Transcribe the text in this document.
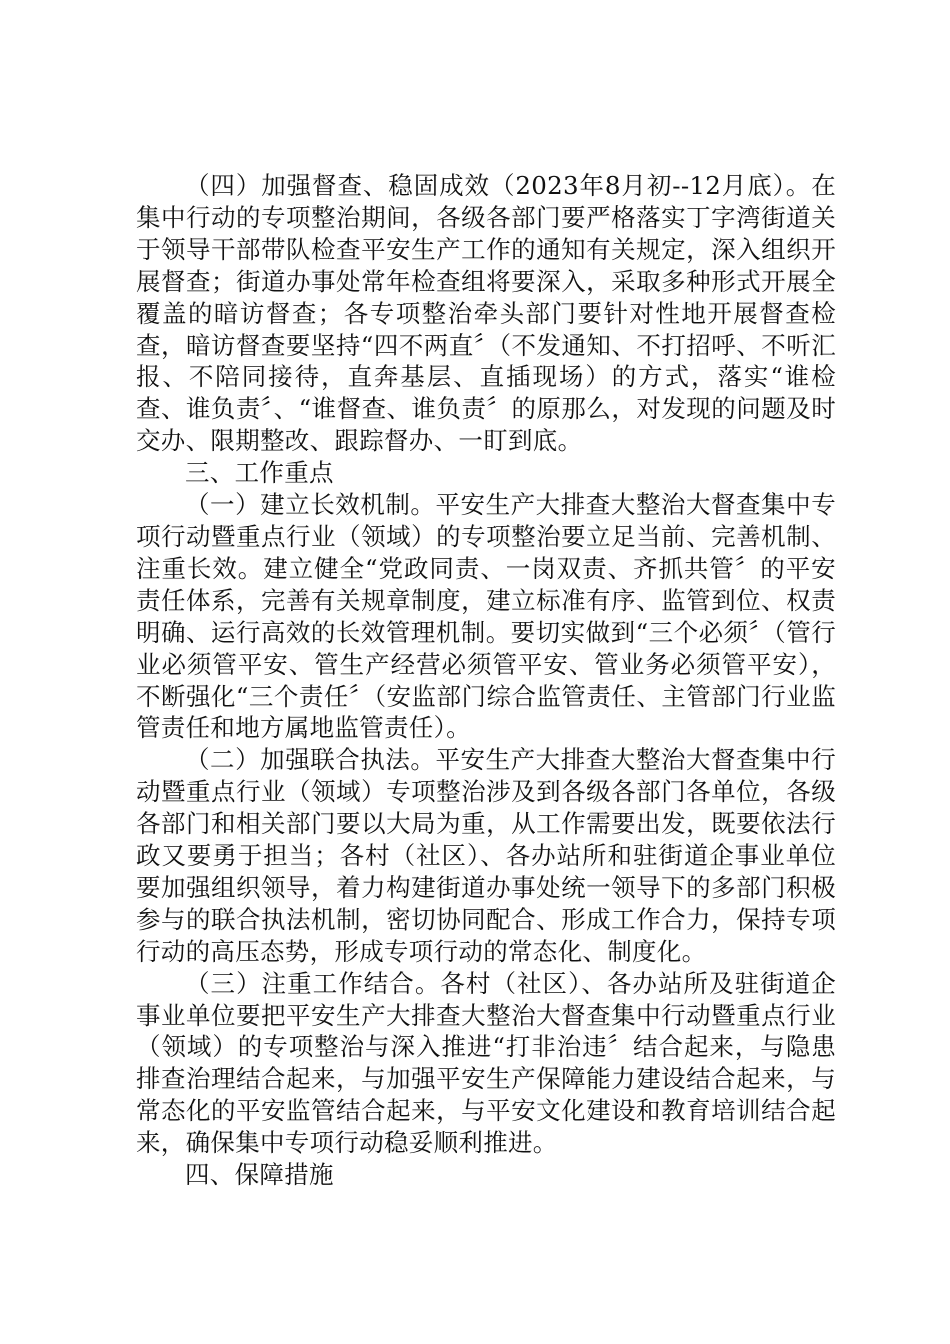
（四）加强督查、稳固成效（2023年8月初--12月底）。在集中行动的专项整治期间，各级各部门要严格落实丁字湾街道关于领导干部带队检查平安生产工作的通知有关规定，深入组织开展督查；街道办事处常年检查组将要深入，采取多种形式开展全覆盖的暗访督查；各专项整治牵头部门要针对性地开展督查检查，暗访督查要坚持“四不两直〞（不发通知、不打招呼、不听汇报、不陪同接待，直奔基层、直插现场）的方式，落实“谁检查、谁负责〞、“谁督查、谁负责〞的原那么，对发现的问题及时交办、限期整改、跟踪督办、一盯到底。

三、工作重点

（一）建立长效机制。平安生产大排查大整治大督查集中专项行动暨重点行业（领域）的专项整治要立足当前、完善机制、注重长效。建立健全“党政同责、一岗双责、齐抓共管〞的平安责任体系，完善有关规章制度，建立标准有序、监管到位、权责明确、运行高效的长效管理机制。要切实做到“三个必须〞（管行业必须管平安、管生产经营必须管平安、管业务必须管平安），不断强化“三个责任〞（安监部门综合监管责任、主管部门行业监管责任和地方属地监管责任）。

（二）加强联合执法。平安生产大排查大整治大督查集中行动暨重点行业（领域）专项整治涉及到各级各部门各单位，各级各部门和相关部门要以大局为重，从工作需要出发，既要依法行政又要勇于担当；各村（社区）、各办站所和驻街道企事业单位要加强组织领导，着力构建街道办事处统一领导下的多部门积极参与的联合执法机制，密切协同配合、形成工作合力，保持专项行动的高压态势，形成专项行动的常态化、制度化。

（三）注重工作结合。各村（社区）、各办站所及驻街道企事业单位要把平安生产大排查大整治大督查集中行动暨重点行业（领域）的专项整治与深入推进“打非治违〞结合起来，与隐患排查治理结合起来，与加强平安生产保障能力建设结合起来，与常态化的平安监管结合起来，与平安文化建设和教育培训结合起来，确保集中专项行动稳妥顺利推进。

四、保障措施
